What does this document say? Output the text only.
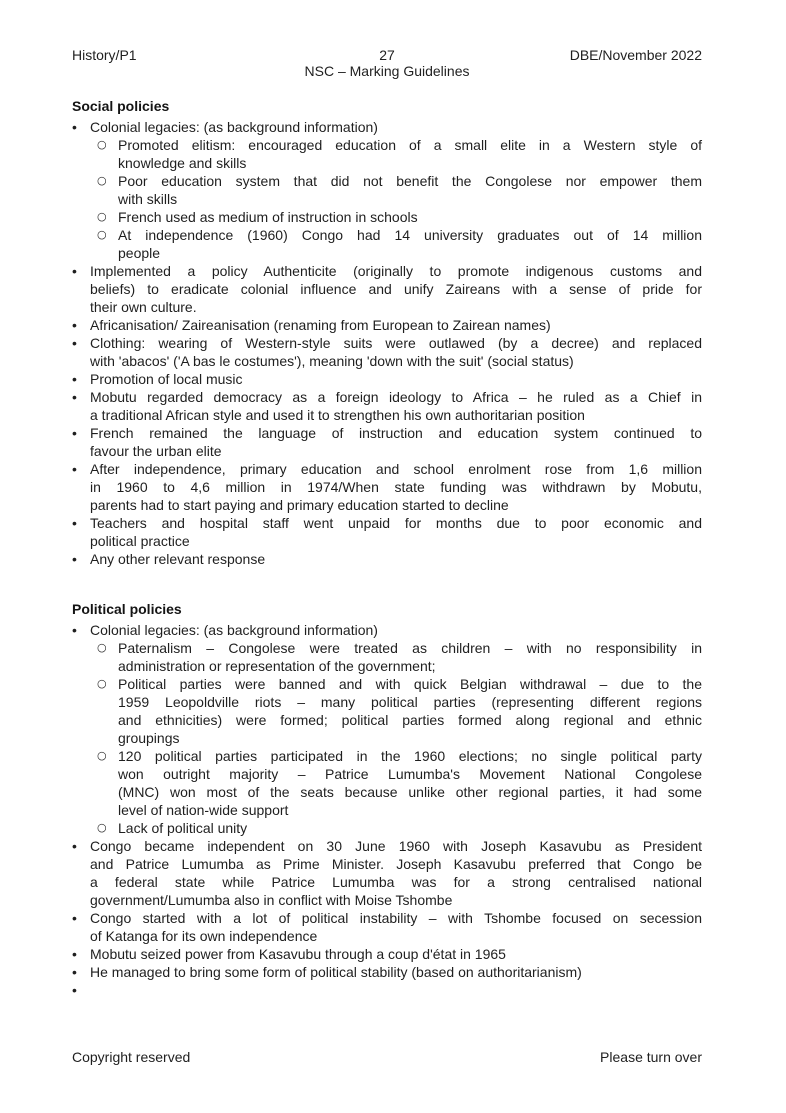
History/P1	27	DBE/November 2022
NSC – Marking Guidelines
Social policies
• Colonial legacies: (as background information)
○ Promoted elitism: encouraged education of a small elite in a Western style of
knowledge and skills
○ Poor education system that did not benefit the Congolese nor empower them
with skills
○ French used as medium of instruction in schools
○ At independence (1960) Congo had 14 university graduates out of 14 million
people
• Implemented a policy Authenticite (originally to promote indigenous customs and
beliefs) to eradicate colonial influence and unify Zaireans with a sense of pride for
their own culture.
• Africanisation/ Zaireanisation (renaming from European to Zairean names)
• Clothing: wearing of Western-style suits were outlawed (by a decree) and replaced
with 'abacos' ('A bas le costumes'), meaning 'down with the suit' (social status)
• Promotion of local music
• Mobutu regarded democracy as a foreign ideology to Africa – he ruled as a Chief in
a traditional African style and used it to strengthen his own authoritarian position
• French remained the language of instruction and education system continued to
favour the urban elite
• After independence, primary education and school enrolment rose from 1,6 million
in 1960 to 4,6 million in 1974/When state funding was withdrawn by Mobutu,
parents had to start paying and primary education started to decline
• Teachers and hospital staff went unpaid for months due to poor economic and
political practice
• Any other relevant response
Political policies
• Colonial legacies: (as background information)
○ Paternalism – Congolese were treated as children – with no responsibility in
administration or representation of the government;
○ Political parties were banned and with quick Belgian withdrawal – due to the
1959 Leopoldville riots – many political parties (representing different regions
and ethnicities) were formed; political parties formed along regional and ethnic
groupings
○ 120 political parties participated in the 1960 elections; no single political party
won outright majority – Patrice Lumumba's Movement National Congolese
(MNC) won most of the seats because unlike other regional parties, it had some
level of nation-wide support
○ Lack of political unity
• Congo became independent on 30 June 1960 with Joseph Kasavubu as President
and Patrice Lumumba as Prime Minister. Joseph Kasavubu preferred that Congo be
a federal state while Patrice Lumumba was for a strong centralised national
government/Lumumba also in conflict with Moise Tshombe
• Congo started with a lot of political instability – with Tshombe focused on secession
of Katanga for its own independence
• Mobutu seized power from Kasavubu through a coup d'état in 1965
• He managed to bring some form of political stability (based on authoritarianism)
•
Copyright reserved	Please turn over
